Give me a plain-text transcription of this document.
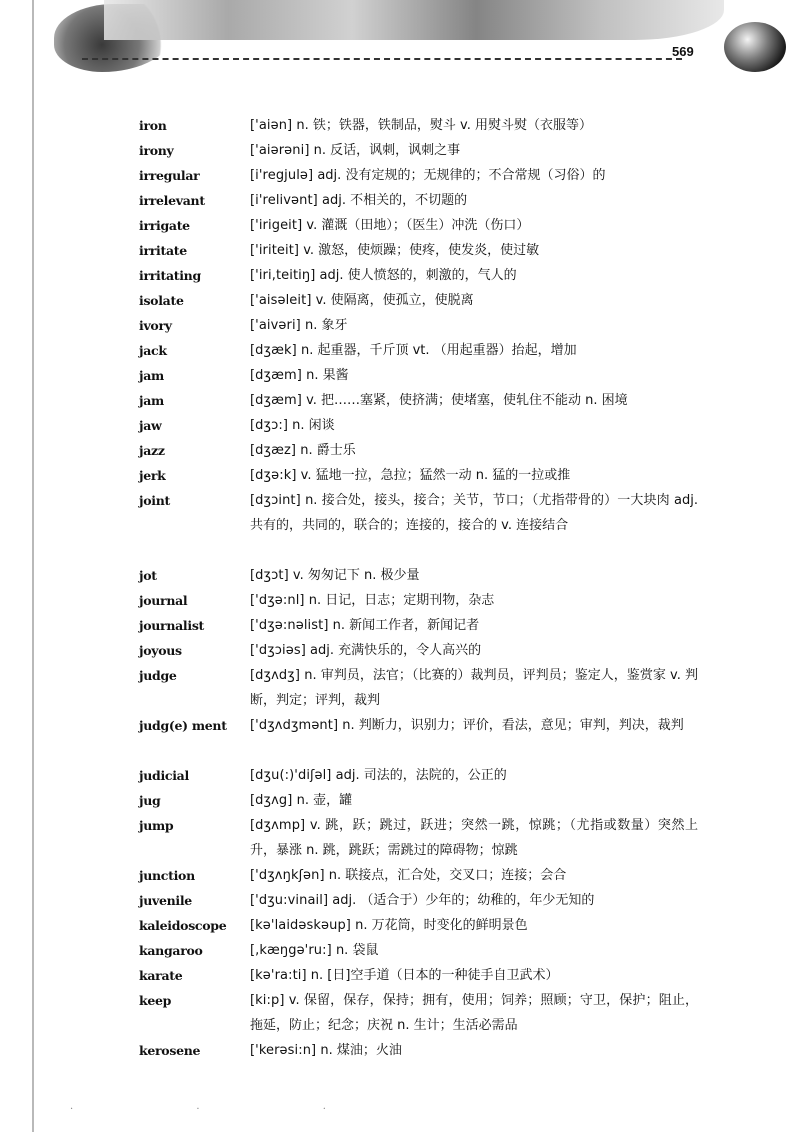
569
iron	['aiən] n. 铁；铁器，铁制品，熨斗 v. 用熨斗熨（衣服等）
irony	['aiərəni] n. 反话，讽刺，讽刺之事
irregular	[i'regjulə] adj. 没有定规的；无规律的；不合常规（习俗）的
irrelevant	[i'relivənt] adj. 不相关的，不切题的
irrigate	['irigeit] v. 灌溉（田地）；（医生）冲洗（伤口）
irritate	['iriteit] v. 激怒，使烦躁；使疼，使发炎，使过敏
irritating	['iri,teitiŋ] adj. 使人愤怒的，刺激的，气人的
isolate	['aisəleit] v. 使隔离，使孤立，使脱离
ivory	['aivəri] n. 象牙
jack	[dʒæk] n. 起重器，千斤顶 vt. （用起重器）抬起，增加
jam	[dʒæm] n. 果酱
jam	[dʒæm] v. 把……塞紧，使挤满；使堵塞，使轧住不能动 n. 困境
jaw	[dʒɔ:] n. 闲谈
jazz	[dʒæz] n. 爵士乐
jerk	[dʒə:k] v. 猛地一拉，急拉；猛然一动 n. 猛的一拉或推
joint	[dʒɔint] n. 接合处，接头，接合；关节，节口；（尤指带骨的）一大块肉 adj. 共有的，共同的，联合的；连接的，接合的 v. 连接结合
jot	[dʒɔt] v. 匆匆记下 n. 极少量
journal	['dʒə:nl] n. 日记，日志；定期刊物，杂志
journalist	['dʒə:nəlist] n. 新闻工作者，新闻记者
joyous	['dʒɔiəs] adj. 充满快乐的，令人高兴的
judge	[dʒʌdʒ] n. 审判员，法官；（比赛的）裁判员，评判员；鉴定人，鉴赏家 v. 判断，判定；评判，裁判
judg(e) ment	['dʒʌdʒmənt] n. 判断力，识别力；评价，看法，意见；审判，判决，裁判
judicial	[dʒu(:)'diʃəl] adj. 司法的，法院的，公正的
jug	[dʒʌg] n. 壶，罐
jump	[dʒʌmp] v. 跳，跃；跳过，跃进；突然一跳，惊跳；（尤指或数量）突然上升，暴涨 n. 跳，跳跃；需跳过的障碍物；惊跳
junction	['dʒʌŋkʃən] n. 联接点，汇合处，交叉口；连接；会合
juvenile	['dʒu:vinail] adj. （适合于）少年的；幼稚的，年少无知的
kaleidoscope	[kə'laidəskəup] n. 万花筒，时变化的鲜明景色
kangaroo	[,kæŋgə'ru:] n. 袋鼠
karate	[kə'ra:ti] n. [日]空手道（日本的一种徒手自卫武术）
keep	[ki:p] v. 保留，保存，保持；拥有，使用；饲养；照顾；守卫，保护；阻止，拖延，防止；纪念；庆祝 n. 生计；生活必需品
kerosene	['kerəsi:n] n. 煤油；火油
· · ·
